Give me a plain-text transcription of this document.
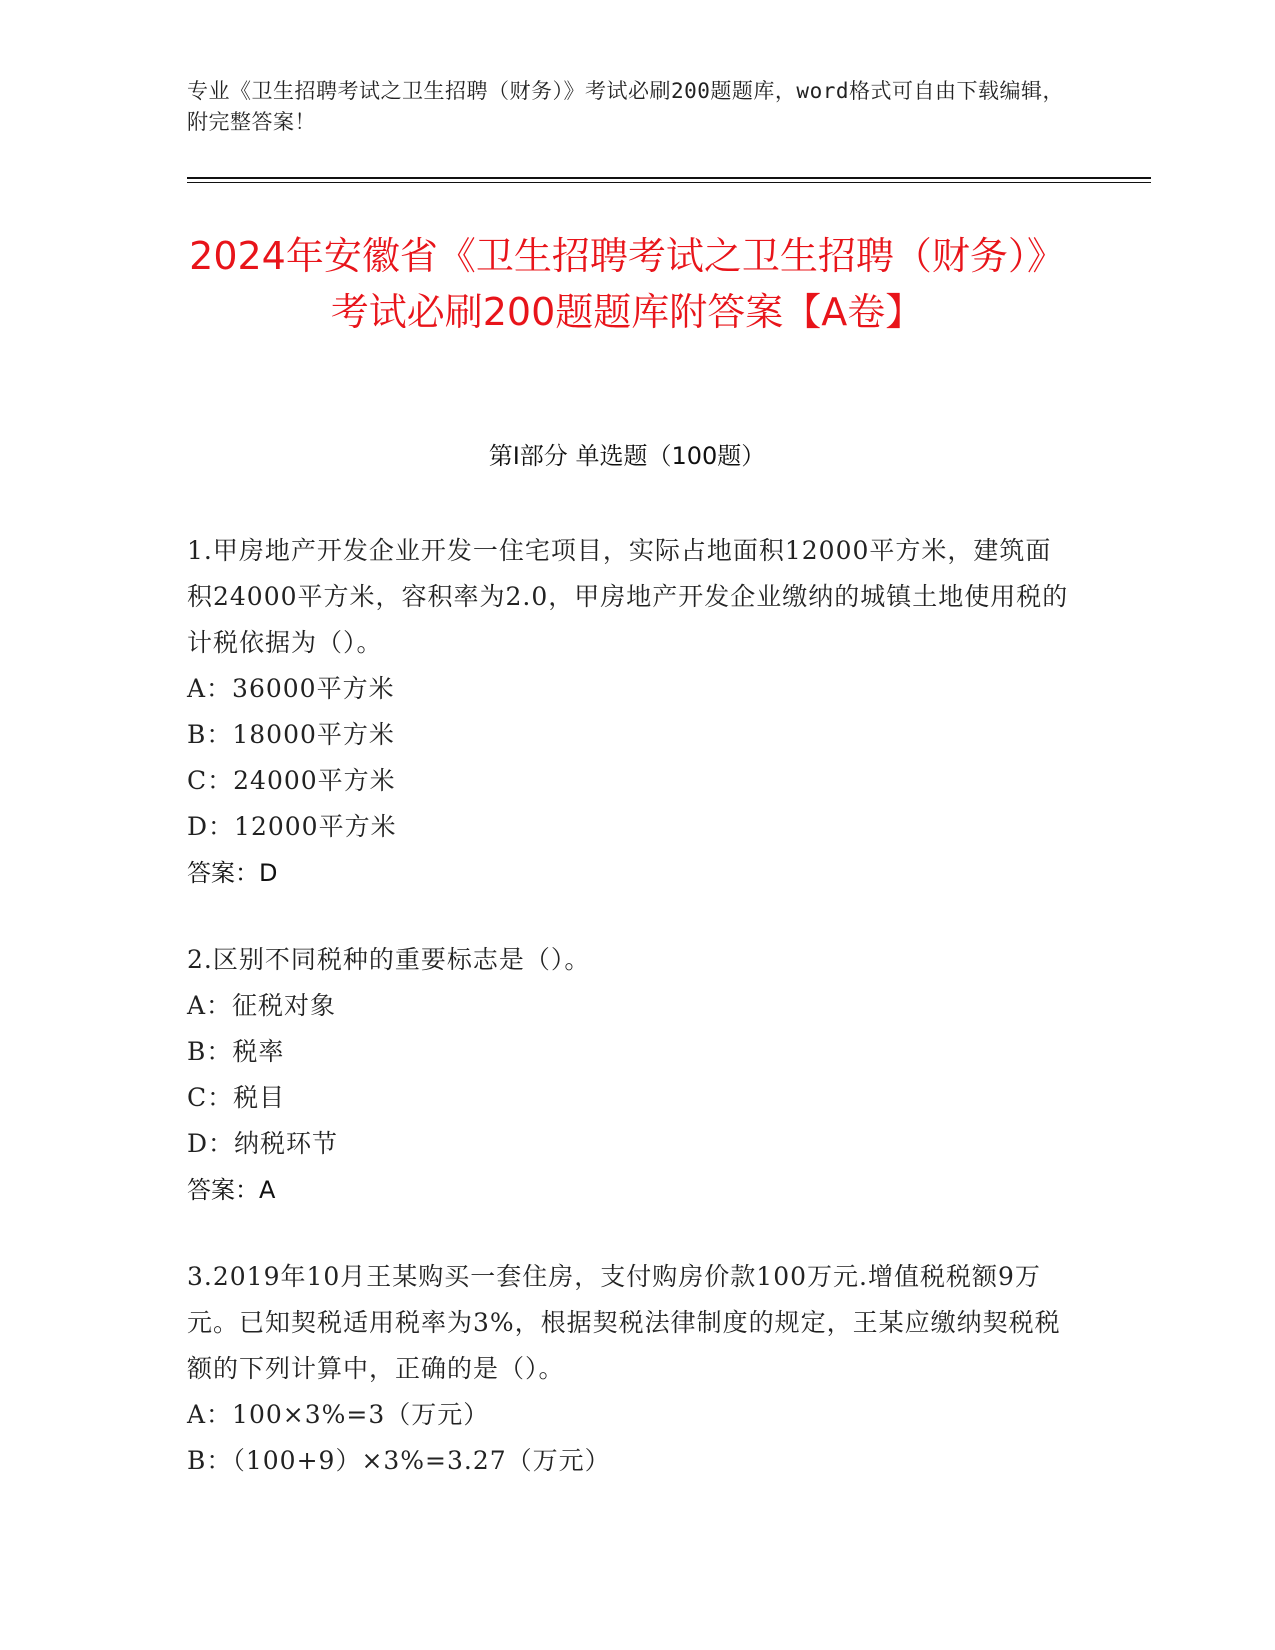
专业《卫生招聘考试之卫生招聘（财务）》考试必刷200题题库，word格式可自由下载编辑，附完整答案！
2024年安徽省《卫生招聘考试之卫生招聘（财务）》考试必刷200题题库附答案【A卷】
第Ⅰ部分 单选题（100题）
1.甲房地产开发企业开发一住宅项目，实际占地面积12000平方米，建筑面积24000平方米，容积率为2.0，甲房地产开发企业缴纳的城镇土地使用税的计税依据为（）。
A：36000平方米
B：18000平方米
C：24000平方米
D：12000平方米
答案：D
2.区别不同税种的重要标志是（）。
A：征税对象
B：税率
C：税目
D：纳税环节
答案：A
3.2019年10月王某购买一套住房，支付购房价款100万元.增值税税额9万元。已知契税适用税率为3%，根据契税法律制度的规定，王某应缴纳契税税额的下列计算中，正确的是（）。
A：100×3%=3（万元）
B：（100+9）×3%=3.27（万元）
